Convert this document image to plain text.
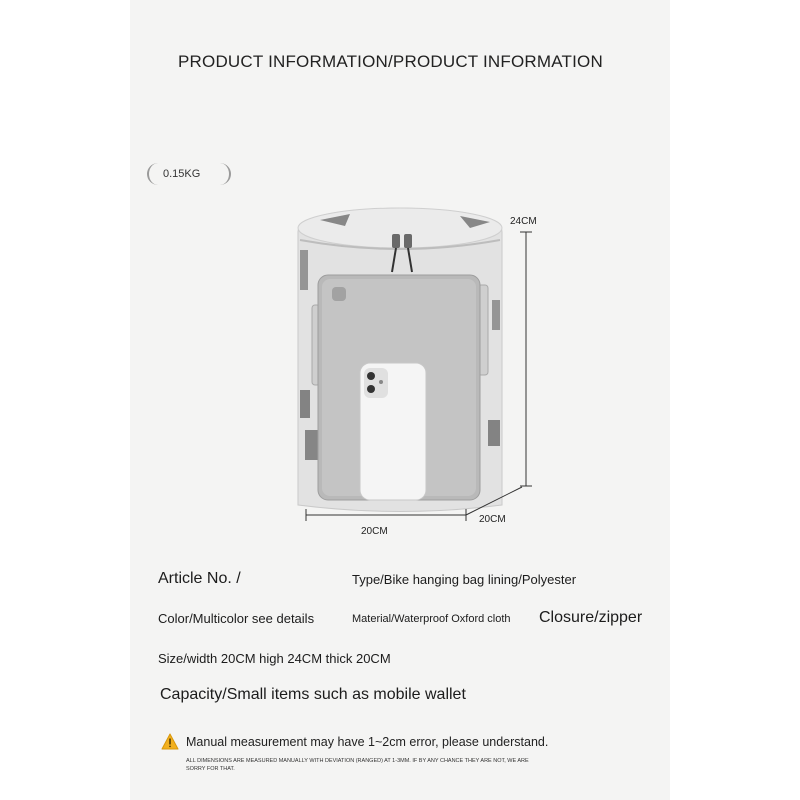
PRODUCT INFORMATION/PRODUCT INFORMATION
0.15KG
24CM
20CM
20CM
Article No. /	Type/Bike hanging bag lining/Polyester
Color/Multicolor see details	Material/Waterproof Oxford cloth Closure/zipper
Size/width 20CM high 24CM thick 20CM
Capacity/Small items such as mobile wallet
Manual measurement may have 1~2cm error, please understand.
ALL DIMENSIONS ARE MEASURED MANUALLY WITH DEVIATION (RANGED) AT 1-3MM. IF BY ANY CHANCE THEY ARE NOT, WE ARE SORRY FOR THAT.
